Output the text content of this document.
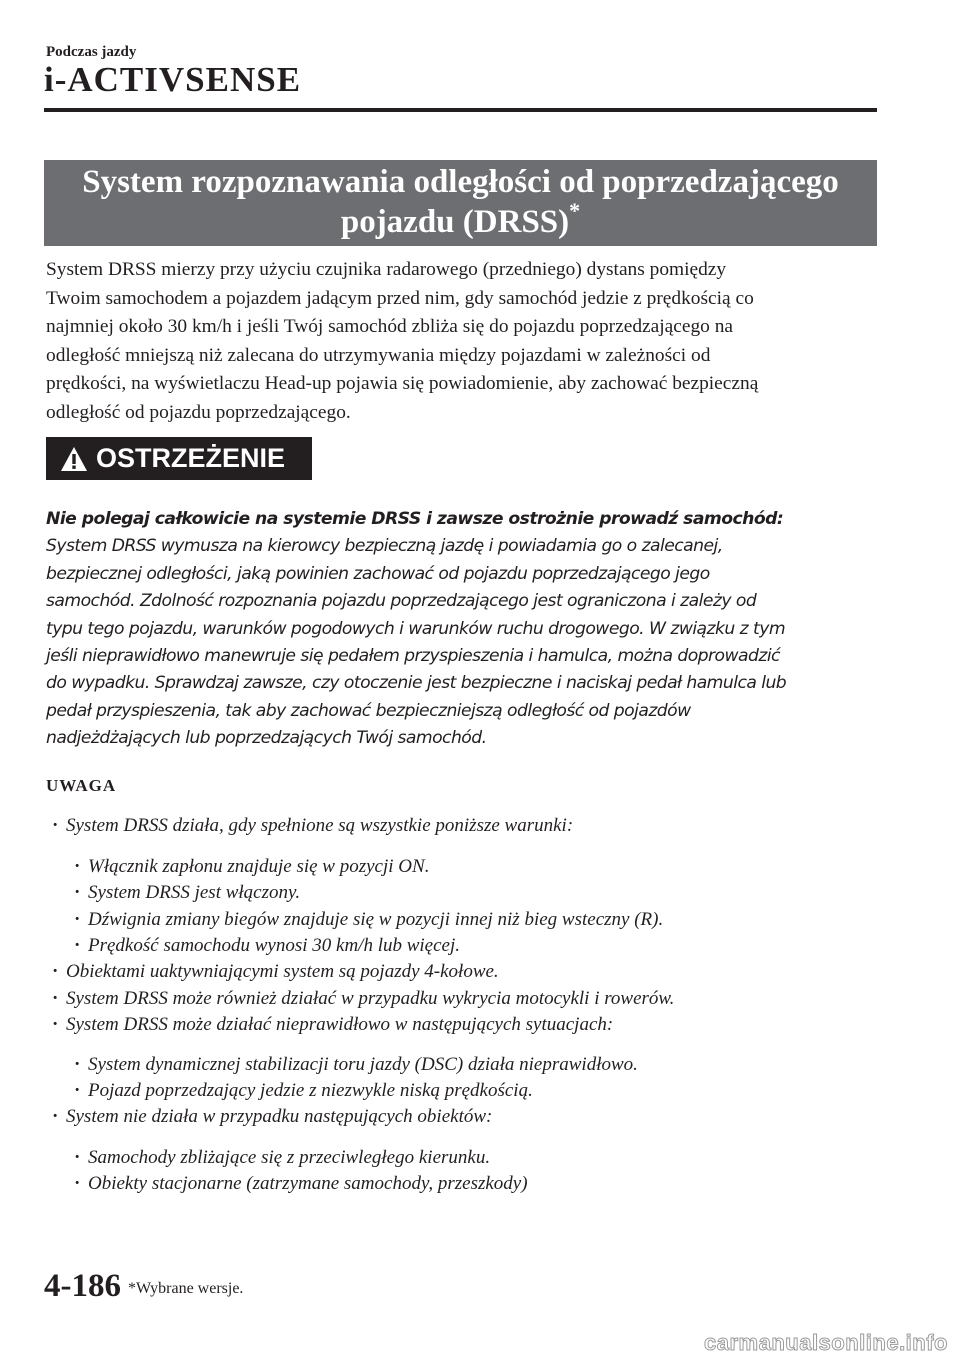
Podczas jazdy
i-ACTIVSENSE
System rozpoznawania odległości od poprzedzającego
pojazdu (DRSS)*

System DRSS mierzy przy użyciu czujnika radarowego (przedniego) dystans pomiędzy

Twoim samochodem a pojazdem jadącym przed nim, gdy samochód jedzie z prędkością co

najmniej około 30 km/h i jeśli Twój samochód zbliża się do pojazdu poprzedzającego na

odległość mniejszą niż zalecana do utrzymywania między pojazdami w zależności od

prędkości, na wyświetlaczu Head-up pojawia się powiadomienie, aby zachować bezpieczną

odległość od pojazdu poprzedzającego.

OSTRZEŻENIE

Nie polegaj całkowicie na systemie DRSS i zawsze ostrożnie prowadź samochód:

System DRSS wymusza na kierowcy bezpieczną jazdę i powiadamia go o zalecanej,

bezpiecznej odległości, jaką powinien zachować od pojazdu poprzedzającego jego

samochód. Zdolność rozpoznania pojazdu poprzedzającego jest ograniczona i zależy od

typu tego pojazdu, warunków pogodowych i warunków ruchu drogowego. W związku z tym

jeśli nieprawidłowo manewruje się pedałem przyspieszenia i hamulca, można doprowadzić

do wypadku. Sprawdzaj zawsze, czy otoczenie jest bezpieczne i naciskaj pedał hamulca lub

pedał przyspieszenia, tak aby zachować bezpieczniejszą odległość od pojazdów

nadjeżdżających lub poprzedzających Twój samochód.

UWAGA
· System DRSS działa, gdy spełnione są wszystkie poniższe warunki:
· Włącznik zapłonu znajduje się w pozycji ON.
· System DRSS jest włączony.
· Dźwignia zmiany biegów znajduje się w pozycji innej niż bieg wsteczny (R).
· Prędkość samochodu wynosi 30 km/h lub więcej.
· Obiektami uaktywniającymi system są pojazdy 4-kołowe.
· System DRSS może również działać w przypadku wykrycia motocykli i rowerów.
· System DRSS może działać nieprawidłowo w następujących sytuacjach:
· System dynamicznej stabilizacji toru jazdy (DSC) działa nieprawidłowo.
· Pojazd poprzedzający jedzie z niezwykle niską prędkością.
· System nie działa w przypadku następujących obiektów:
· Samochody zbliżające się z przeciwległego kierunku.
· Obiekty stacjonarne (zatrzymane samochody, przeszkody)
4-186 *Wybrane wersje.
carmanualsonline.info
